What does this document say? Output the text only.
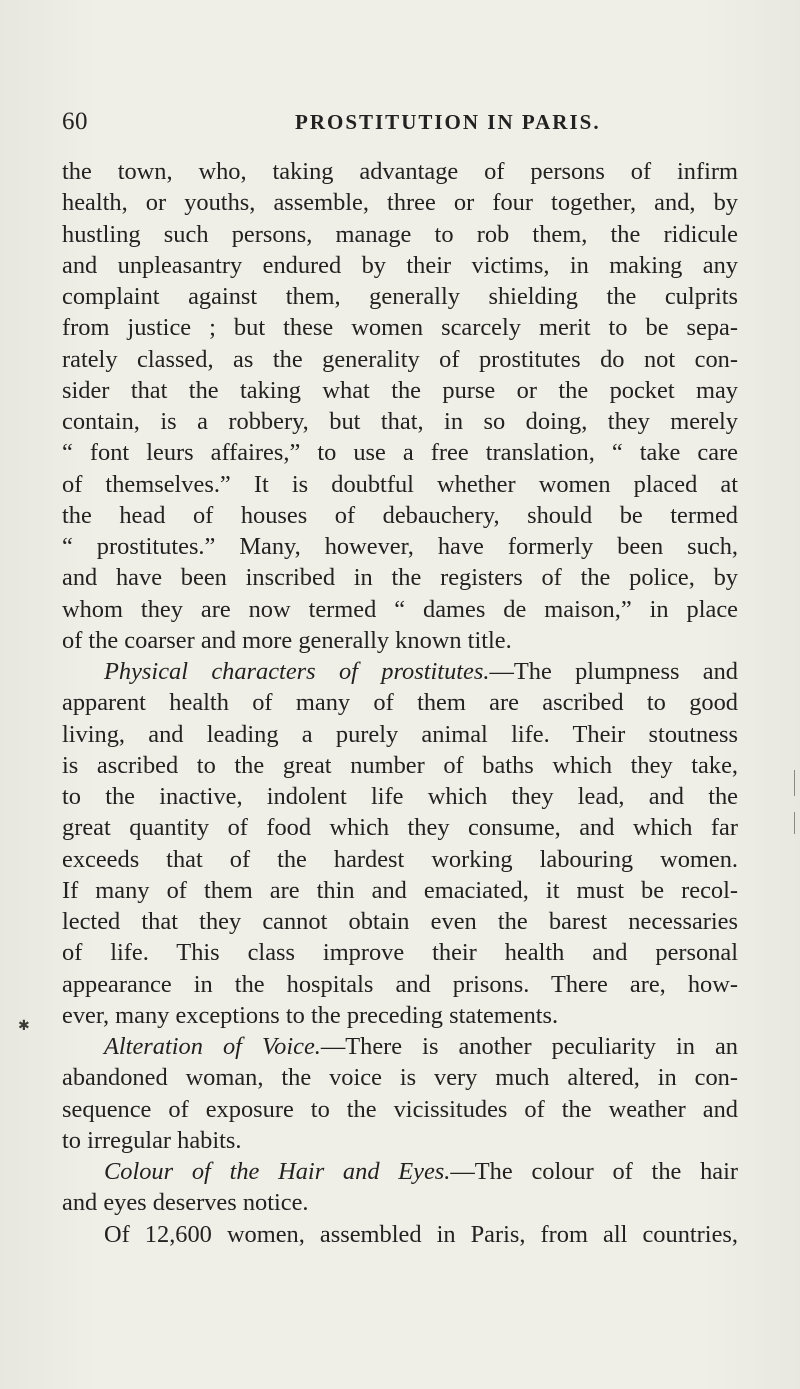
60	PROSTITUTION IN PARIS.
the town, who, taking advantage of persons of infirm
health, or youths, assemble, three or four together, and, by
hustling such persons, manage to rob them, the ridicule
and unpleasantry endured by their victims, in making any
complaint against them, generally shielding the culprits
from justice ; but these women scarcely merit to be sepa-
rately classed, as the generality of prostitutes do not con-
sider that the taking what the purse or the pocket may
contain, is a robbery, but that, in so doing, they merely
“ font leurs affaires,” to use a free translation, “ take care
of themselves.” It is doubtful whether women placed at
the head of houses of debauchery, should be termed
“ prostitutes.” Many, however, have formerly been such,
and have been inscribed in the registers of the police, by
whom they are now termed “ dames de maison,” in place
of the coarser and more generally known title.
Physical characters of prostitutes.—The plumpness and
apparent health of many of them are ascribed to good
living, and leading a purely animal life. Their stoutness
is ascribed to the great number of baths which they take,
to the inactive, indolent life which they lead, and the
great quantity of food which they consume, and which far
exceeds that of the hardest working labouring women.
If many of them are thin and emaciated, it must be recol-
lected that they cannot obtain even the barest necessaries
of life. This class improve their health and personal
appearance in the hospitals and prisons. There are, how-
ever, many exceptions to the preceding statements.
Alteration of Voice.—There is another peculiarity in an
abandoned woman, the voice is very much altered, in con-
sequence of exposure to the vicissitudes of the weather and
to irregular habits.
Colour of the Hair and Eyes.—The colour of the hair
and eyes deserves notice.
Of 12,600 women, assembled in Paris, from all countries,
✱
